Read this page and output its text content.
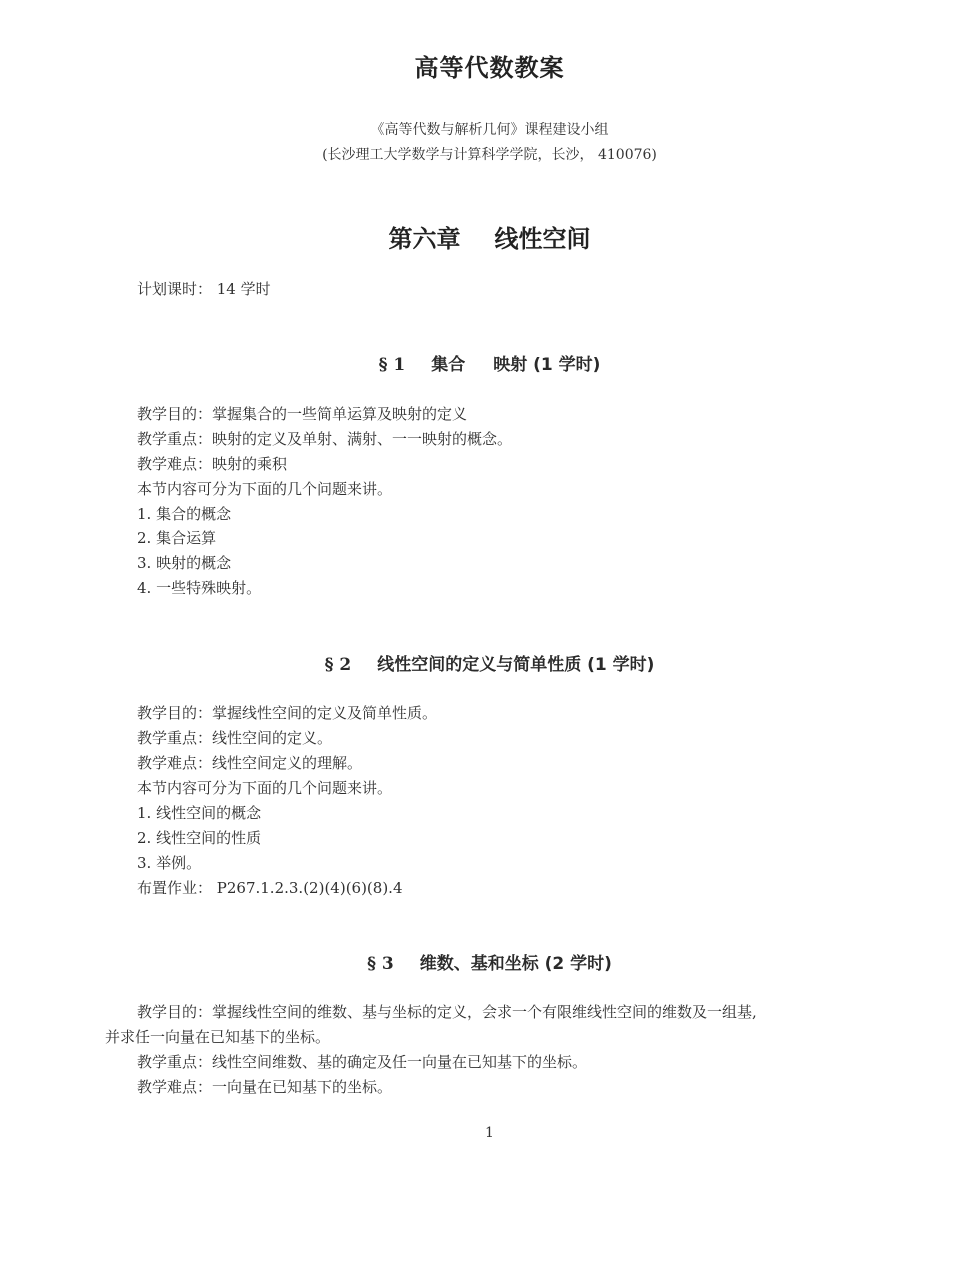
高等代数教案
《高等代数与解析几何》课程建设小组
(长沙理工大学数学与计算科学学院，长沙， 410076)
第六章 线性空间
计划课时： 14 学时
§ 1 集合 映射 (1 学时)
教学目的：掌握集合的一些简单运算及映射的定义
教学重点：映射的定义及单射、满射、一一映射的概念。
教学难点：映射的乘积
本节内容可分为下面的几个问题来讲。
1. 集合的概念
2. 集合运算
3. 映射的概念
4. 一些特殊映射。
§ 2 线性空间的定义与简单性质 (1 学时)
教学目的：掌握线性空间的定义及简单性质。
教学重点：线性空间的定义。
教学难点：线性空间定义的理解。
本节内容可分为下面的几个问题来讲。
1. 线性空间的概念
2. 线性空间的性质
3. 举例。
布置作业： P267.1.2.3.(2)(4)(6)(8).4
§ 3 维数、基和坐标 (2 学时)
教学目的：掌握线性空间的维数、基与坐标的定义，会求一个有限维线性空间的维数及一组基,
并求任一向量在已知基下的坐标。
教学重点：线性空间维数、基的确定及任一向量在已知基下的坐标。
教学难点：一向量在已知基下的坐标。
1
